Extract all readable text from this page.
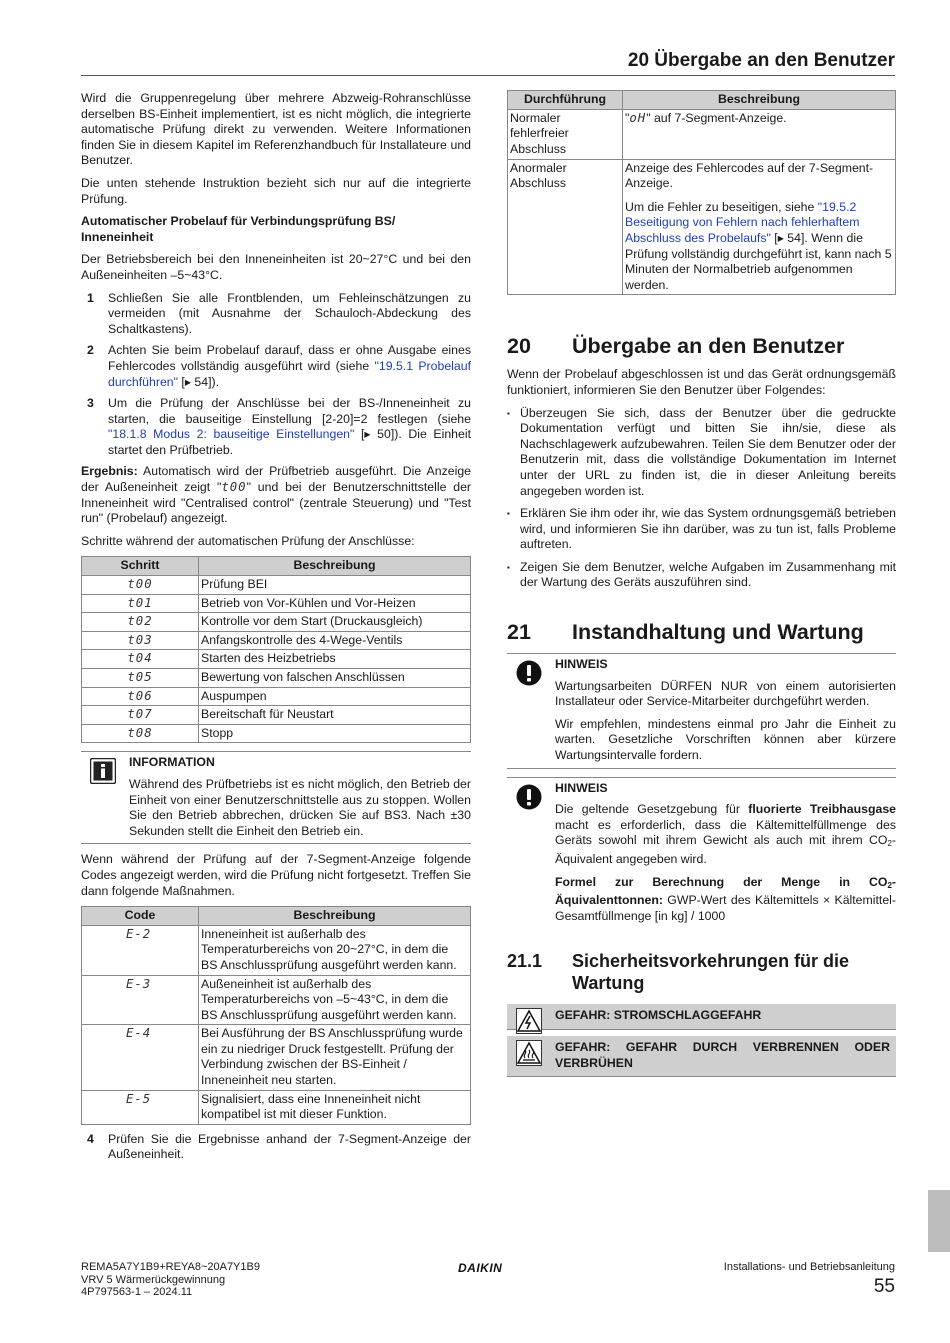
20 Übergabe an den Benutzer

Wird die Gruppenregelung über mehrere Abzweig-Rohranschlüsse derselben BS-Einheit implementiert, ist es nicht möglich, die integrierte automatische Prüfung direkt zu verwenden. Weitere Informationen finden Sie in diesem Kapitel im Referenzhandbuch für Installateure und Benutzer.

Die unten stehende Instruktion bezieht sich nur auf die integrierte Prüfung.

Automatischer Probelauf für Verbindungsprüfung BS/ Inneneinheit

Der Betriebsbereich bei den Inneneinheiten ist 20~27°C und bei den Außeneinheiten –5~43°C.

1 Schließen Sie alle Frontblenden, um Fehleinschätzungen zu vermeiden (mit Ausnahme der Schauloch-Abdeckung des Schaltkastens).
2 Achten Sie beim Probelauf darauf, dass er ohne Ausgabe eines Fehlercodes vollständig ausgeführt wird (siehe "19.5.1 Probelauf durchführen" [▸ 54]).
3 Um die Prüfung der Anschlüsse bei der BS-/Inneneinheit zu starten, die bauseitige Einstellung [2-20]=2 festlegen (siehe "18.1.8 Modus 2: bauseitige Einstellungen" [▸ 50]). Die Einheit startet den Prüfbetrieb.

Ergebnis: Automatisch wird der Prüfbetrieb ausgeführt. Die Anzeige der Außeneinheit zeigt "t00" und bei der Benutzerschnittstelle der Inneneinheit wird "Centralised control" (zentrale Steuerung) und "Test run" (Probelauf) angezeigt.

Schritte während der automatischen Prüfung der Anschlüsse:

Schritt	Beschreibung
t00	Prüfung BEI
t01	Betrieb von Vor-Kühlen und Vor-Heizen
t02	Kontrolle vor dem Start (Druckausgleich)
t03	Anfangskontrolle des 4-Wege-Ventils
t04	Starten des Heizbetriebs
t05	Bewertung von falschen Anschlüssen
t06	Auspumpen
t07	Bereitschaft für Neustart
t08	Stopp
INFORMATION

Während des Prüfbetriebs ist es nicht möglich, den Betrieb der Einheit von einer Benutzerschnittstelle aus zu stoppen. Wollen Sie den Betrieb abbrechen, drücken Sie auf BS3. Nach ±30 Sekunden stellt die Einheit den Betrieb ein.

Wenn während der Prüfung auf der 7-Segment-Anzeige folgende Codes angezeigt werden, wird die Prüfung nicht fortgesetzt. Treffen Sie dann folgende Maßnahmen.

Code	Beschreibung
E-2	Inneneinheit ist außerhalb des Temperaturbereichs von 20~27°C, in dem die BS Anschlussprüfung ausgeführt werden kann.
E-3	Außeneinheit ist außerhalb des Temperaturbereichs von –5~43°C, in dem die BS Anschlussprüfung ausgeführt werden kann.
E-4	Bei Ausführung der BS Anschlussprüfung wurde ein zu niedriger Druck festgestellt. Prüfung der Verbindung zwischen der BS-Einheit / Inneneinheit neu starten.
E-5	Signalisiert, dass eine Inneneinheit nicht kompatibel ist mit dieser Funktion.
4 Prüfen Sie die Ergebnisse anhand der 7-Segment-Anzeige der Außeneinheit.
Durchführung	Beschreibung
Normaler fehlerfreier Abschluss	"oH" auf 7-Segment-Anzeige.
Anormaler Abschluss	Anzeige des Fehlercodes auf der 7-Segment-Anzeige.
Um die Fehler zu beseitigen, siehe "19.5.2 Beseitigung von Fehlern nach fehlerhaftem Abschluss des Probelaufs" [▸ 54]. Wenn die Prüfung vollständig durchgeführt ist, kann nach 5 Minuten der Normalbetrieb aufgenommen werden.
20 Übergabe an den Benutzer

Wenn der Probelauf abgeschlossen ist und das Gerät ordnungsgemäß funktioniert, informieren Sie den Benutzer über Folgendes:

▪ Überzeugen Sie sich, dass der Benutzer über die gedruckte Dokumentation verfügt und bitten Sie ihn/sie, diese als Nachschlagewerk aufzubewahren. Teilen Sie dem Benutzer oder der Benutzerin mit, dass die vollständige Dokumentation im Internet unter der URL zu finden ist, die in dieser Anleitung bereits angegeben worden ist.
▪ Erklären Sie ihm oder ihr, wie das System ordnungsgemäß betrieben wird, und informieren Sie ihn darüber, was zu tun ist, falls Probleme auftreten.
▪ Zeigen Sie dem Benutzer, welche Aufgaben im Zusammenhang mit der Wartung des Geräts auszuführen sind.
21 Instandhaltung und Wartung
HINWEIS

Wartungsarbeiten DÜRFEN NUR von einem autorisierten Installateur oder Service-Mitarbeiter durchgeführt werden.

Wir empfehlen, mindestens einmal pro Jahr die Einheit zu warten. Gesetzliche Vorschriften können aber kürzere Wartungsintervalle fordern.

HINWEIS

Die geltende Gesetzgebung für fluorierte Treibhausgase macht es erforderlich, dass die Kältemittelfüllmenge des Geräts sowohl mit ihrem Gewicht als auch mit ihrem $CO_2$-Äquivalent angegeben wird.

Formel zur Berechnung der Menge in $CO_2$-Äquivalenttonnen: GWP-Wert des Kältemittels × Kältemittel-Gesamtfüllmenge [in kg] / 1000

21.1 Sicherheitsvorkehrungen für die Wartung
GEFAHR: STROMSCHLAGGEFAHR
GEFAHR: GEFAHR DURCH VERBRENNEN ODER VERBRÜHEN
REMA5A7Y1B9+REYA8~20A7Y1B9
VRV 5 Wärmerückgewinnung
4P797563-1 – 2024.11
DAIKIN	Installations- und Betriebsanleitung
55
